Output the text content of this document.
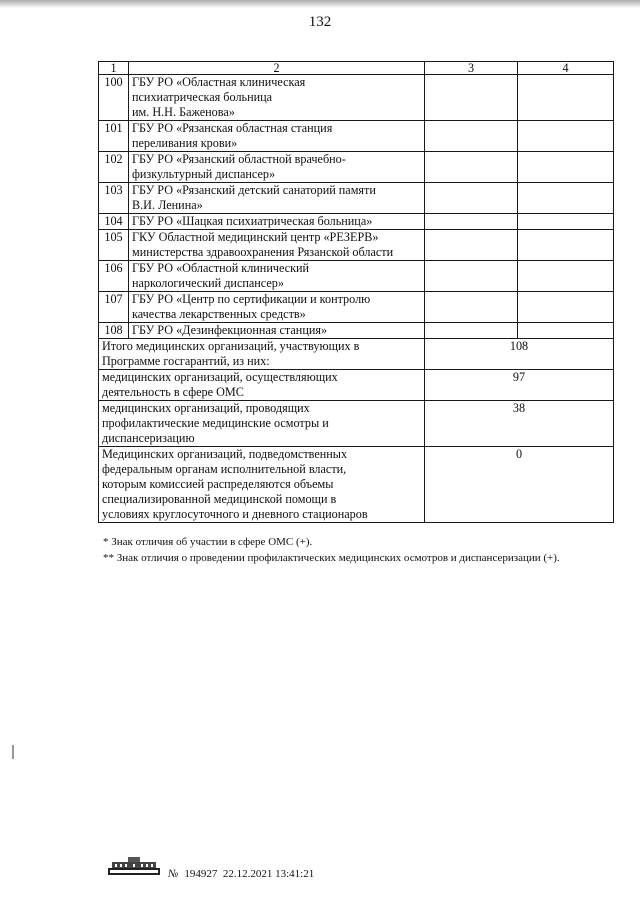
132
1	2	3	4
100	ГБУ РО «Областная клиническая
психиатрическая больница
им. Н.Н. Баженова»		

101	ГБУ РО «Рязанская областная станция
переливания крови»		

102	ГБУ РО «Рязанский областной врачебно-
физкультурный диспансер»		

103	ГБУ РО «Рязанский детский санаторий памяти
В.И. Ленина»		

104	ГБУ РО «Шацкая психиатрическая больница»		

105	ГКУ Областной медицинский центр «РЕЗЕРВ»
министерства здравоохранения Рязанской области		

106	ГБУ РО «Областной клинический
наркологический диспансер»		

107	ГБУ РО «Центр по сертификации и контролю
качества лекарственных средств»		

108	ГБУ РО «Дезинфекционная станция»		

Итого медицинских организаций, участвующих в
Программе госгарантий, из них:		108	

медицинских организаций, осуществляющих
деятельность в сфере ОМС		97	

медицинских организаций, проводящих
профилактические медицинские осмотры и
диспансеризацию		38	

Медицинских организаций, подведомственных
федеральным органам исполнительной власти,
которым комиссией распределяются объемы
специализированной медицинской помощи в
условиях круглосуточного и дневного стационаров		0	
* Знак отличия об участии в сфере ОМС (+).
** Знак отличия о проведении профилактических медицинских осмотров и диспансеризации (+).
№ 194927 22.12.2021 13:41:21
